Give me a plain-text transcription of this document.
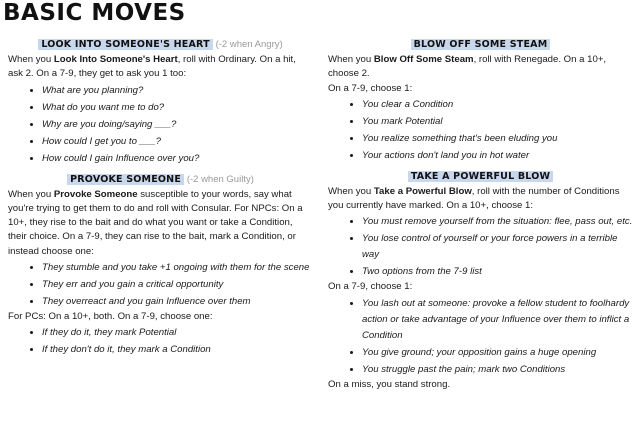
BASIC MOVES
LOOK INTO SOMEONE'S HEART (-2 when Angry)

When you Look Into Someone's Heart, roll with Ordinary. On a hit, ask 2. On a 7-9, they get to ask you 1 too:

• What are you planning?
• What do you want me to do?
• Why are you doing/saying ___?
• How could I get you to ___?
• How could I gain Influence over you?
PROVOKE SOMEONE (-2 when Guilty)

When you Provoke Someone susceptible to your words, say what you're trying to get them to do and roll with Consular. For NPCs: On a 10+, they rise to the bait and do what you want or take a Condition, their choice. On a 7-9, they can rise to the bait, mark a Condition, or instead choose one:

• They stumble and you take +1 ongoing with them for the scene
• They err and you gain a critical opportunity
• They overreact and you gain Influence over them

For PCs: On a 10+, both. On a 7-9, choose one:

• If they do it, they mark Potential
• If they don't do it, they mark a Condition
BLOW OFF SOME STEAM

When you Blow Off Some Steam, roll with Renegade. On a 10+, choose 2.

On a 7-9, choose 1:

• You clear a Condition
• You mark Potential
• You realize something that's been eluding you
• Your actions don't land you in hot water
TAKE A POWERFUL BLOW

When you Take a Powerful Blow, roll with the number of Conditions you currently have marked. On a 10+, choose 1:

• You must remove yourself from the situation: flee, pass out, etc.
• You lose control of yourself or your force powers in a terrible way
• Two options from the 7-9 list

On a 7-9, choose 1:

• You lash out at someone: provoke a fellow student to foolhardy action or take advantage of your Influence over them to inflict a Condition
• You give ground; your opposition gains a huge opening
• You struggle past the pain; mark two Conditions

On a miss, you stand strong.
